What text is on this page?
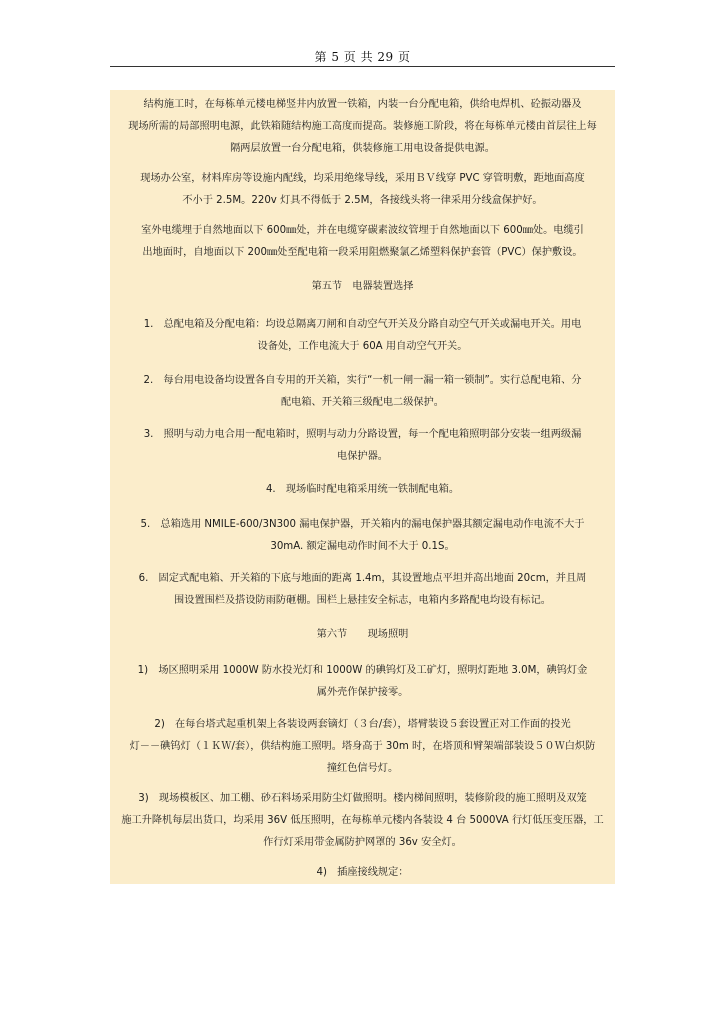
第 5 页 共 29 页
结构施工时，在每栋单元楼电梯竖井内放置一铁箱，内装一台分配电箱，供给电焊机、砼振动器及
现场所需的局部照明电源，此铁箱随结构施工高度而提高。装修施工阶段，将在每栋单元楼由首层往上每
隔两层放置一台分配电箱，供装修施工用电设备提供电源。
现场办公室，材料库房等设施内配线，均采用绝缘导线，采用ＢＶ线穿 PVC 穿管明敷，距地面高度
不小于 2.5M。220v 灯具不得低于 2.5M，各接线头将一律采用分线盒保护好。
室外电缆埋于自然地面以下 600㎜处，并在电缆穿碳素波纹管埋于自然地面以下 600㎜处。电缆引
出地面时，自地面以下 200㎜处至配电箱一段采用阻燃聚氯乙烯塑料保护套管（PVC）保护敷设。
第五节　电器装置选择
1.　总配电箱及分配电箱：均设总隔离刀闸和自动空气开关及分路自动空气开关或漏电开关。用电
设备处，工作电流大于 60A 用自动空气开关。
2.　每台用电设备均设置各自专用的开关箱，实行“一机一闸一漏一箱一锁制”。实行总配电箱、分
配电箱、开关箱三级配电二级保护。
3.　照明与动力电合用一配电箱时，照明与动力分路设置，每一个配电箱照明部分安装一组两级漏
电保护器。
4.　现场临时配电箱采用统一铁制配电箱。
5.　总箱选用 NMILE-600/3N300 漏电保护器，开关箱内的漏电保护器其额定漏电动作电流不大于
30mA. 额定漏电动作时间不大于 0.1S。
6.　固定式配电箱、开关箱的下底与地面的距离 1.4m，其设置地点平坦并高出地面 20cm，并且周
围设置围栏及搭设防雨防砸棚。围栏上悬挂安全标志，电箱内多路配电均设有标记。
第六节　　现场照明
1)　场区照明采用 1000W 防水投光灯和 1000W 的碘钨灯及工矿灯，照明灯距地 3.0M，碘钨灯金
属外壳作保护接零。
2)　在每台塔式起重机架上各装设两套镝灯（３台/套），塔臂装设５套设置正对工作面的投光
灯－－碘钨灯（１ＫＷ/套），供结构施工照明。塔身高于 30m 时，在塔顶和臂架端部装设５０Ｗ白炽防
撞红色信号灯。
3)　现场模板区、加工棚、砂石料场采用防尘灯做照明。楼内梯间照明，装修阶段的施工照明及双笼
施工升降机每层出货口，均采用 36V 低压照明，在每栋单元楼内各装设 4 台 5000VA 行灯低压变压器，工
作行灯采用带金属防护网罩的 36v 安全灯。
4)　插座接线规定：
